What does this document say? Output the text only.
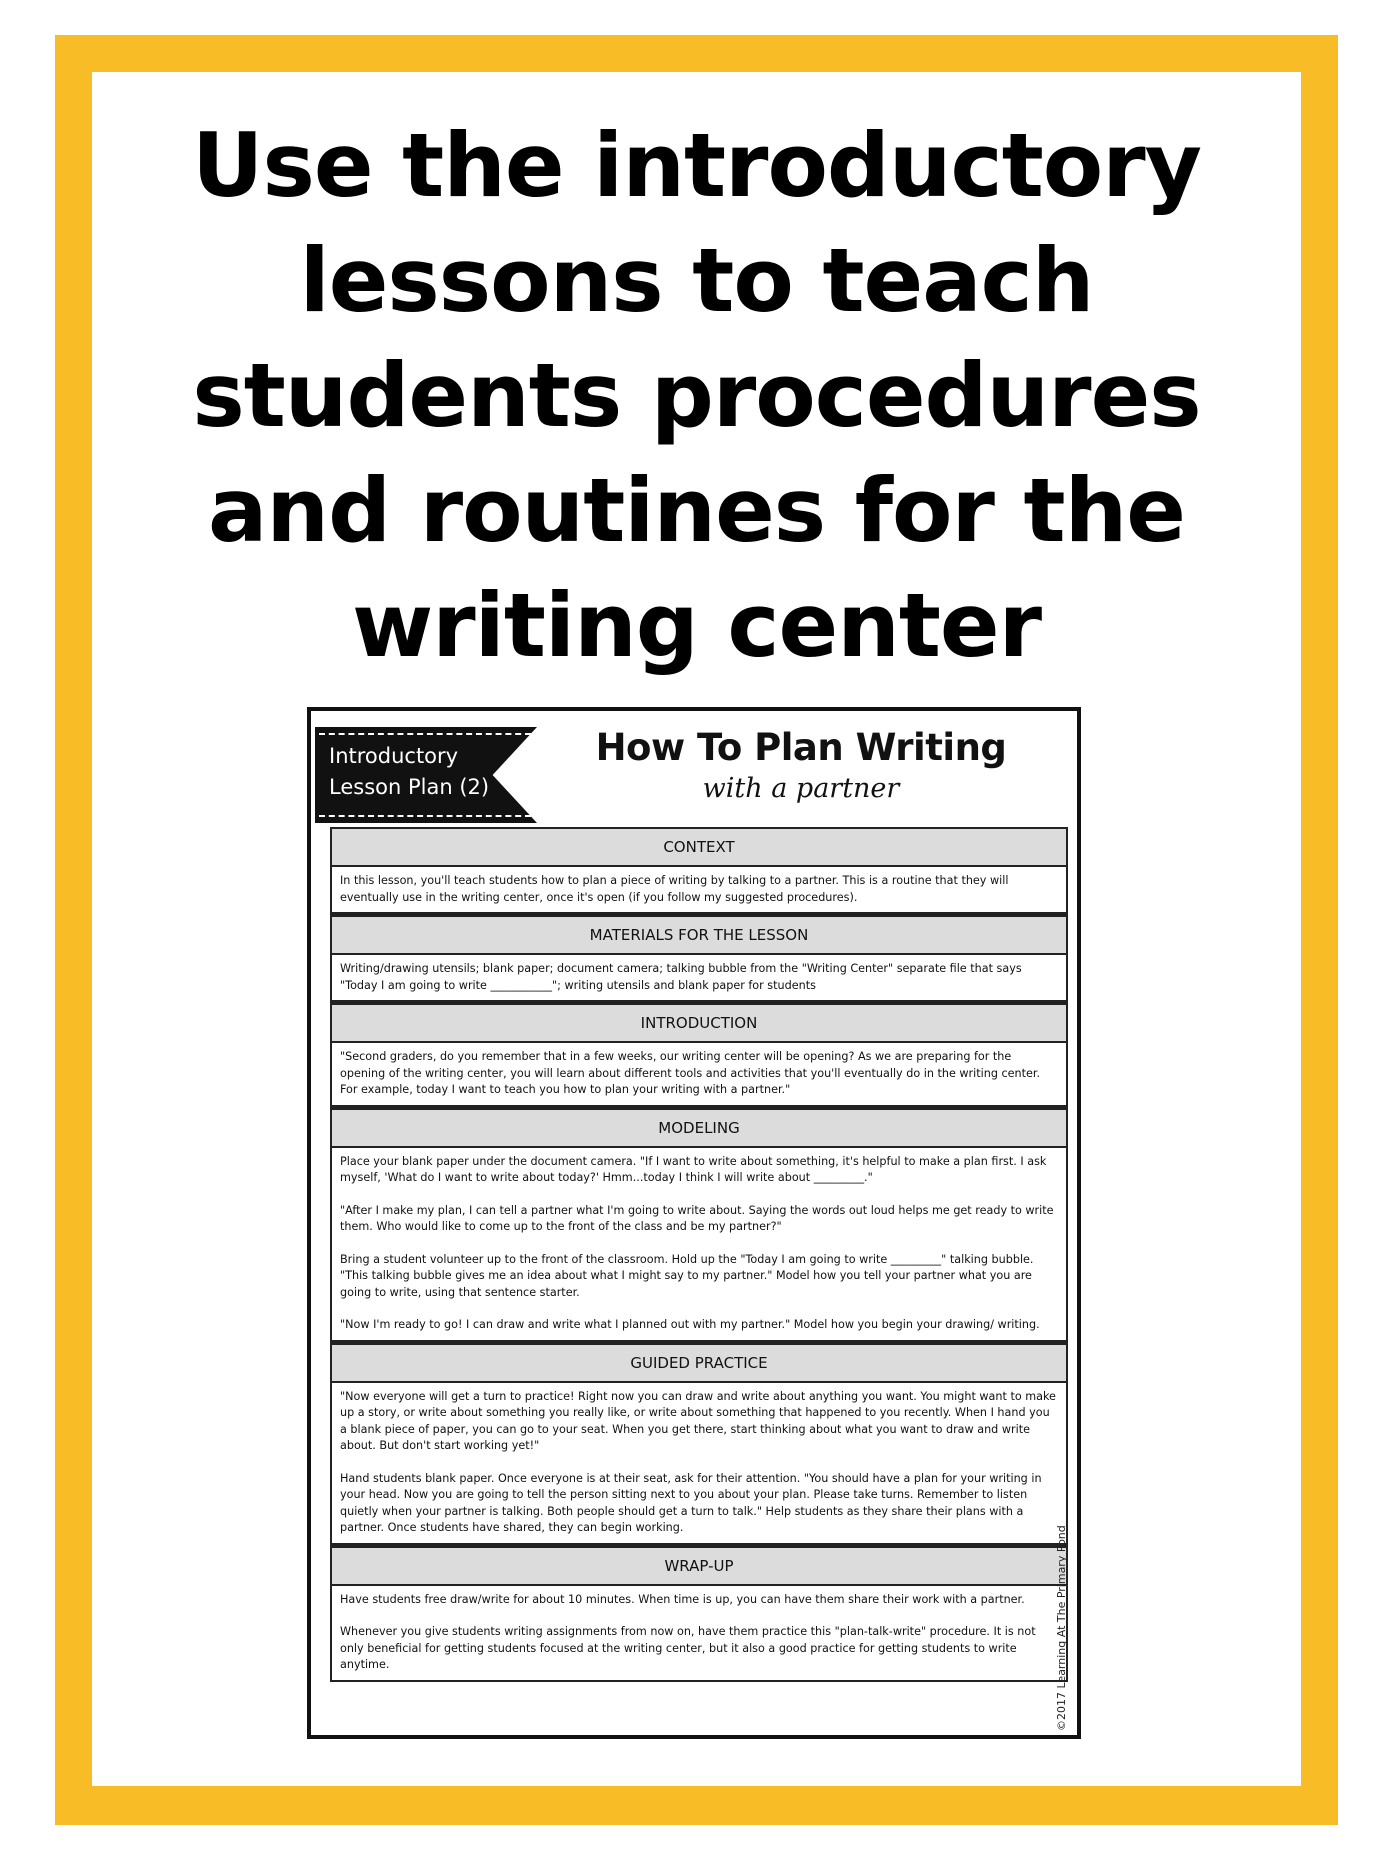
Use the introductory lessons to teach students procedures and routines for the writing center
Introductory
Lesson Plan (2)
How To Plan Writing
with a partner
CONTEXT

In this lesson, you'll teach students how to plan a piece of writing by talking to a partner. This is a routine that they will eventually use in the writing center, once it's open (if you follow my suggested procedures).

MATERIALS FOR THE LESSON

Writing/drawing utensils; blank paper; document camera; talking bubble from the "Writing Center" separate file that says "Today I am going to write ___________"; writing utensils and blank paper for students

INTRODUCTION

"Second graders, do you remember that in a few weeks, our writing center will be opening? As we are preparing for the opening of the writing center, you will learn about different tools and activities that you'll eventually do in the writing center. For example, today I want to teach you how to plan your writing with a partner."

MODELING

Place your blank paper under the document camera. "If I want to write about something, it's helpful to make a plan first. I ask myself, 'What do I want to write about today?' Hmm...today I think I will write about _________."

"After I make my plan, I can tell a partner what I'm going to write about. Saying the words out loud helps me get ready to write them. Who would like to come up to the front of the class and be my partner?"

Bring a student volunteer up to the front of the classroom. Hold up the "Today I am going to write _________" talking bubble. "This talking bubble gives me an idea about what I might say to my partner." Model how you tell your partner what you are going to write, using that sentence starter.

"Now I'm ready to go! I can draw and write what I planned out with my partner." Model how you begin your drawing/ writing.

GUIDED PRACTICE

"Now everyone will get a turn to practice! Right now you can draw and write about anything you want. You might want to make up a story, or write about something you really like, or write about something that happened to you recently. When I hand you a blank piece of paper, you can go to your seat. When you get there, start thinking about what you want to draw and write about. But don't start working yet!"

Hand students blank paper. Once everyone is at their seat, ask for their attention. "You should have a plan for your writing in your head. Now you are going to tell the person sitting next to you about your plan. Please take turns. Remember to listen quietly when your partner is talking. Both people should get a turn to talk." Help students as they share their plans with a partner. Once students have shared, they can begin working.

WRAP-UP

Have students free draw/write for about 10 minutes. When time is up, you can have them share their work with a partner.

Whenever you give students writing assignments from now on, have them practice this "plan-talk-write" procedure. It is not only beneficial for getting students focused at the writing center, but it also a good practice for getting students to write anytime.	©2017 Learning At The Primary Pond
